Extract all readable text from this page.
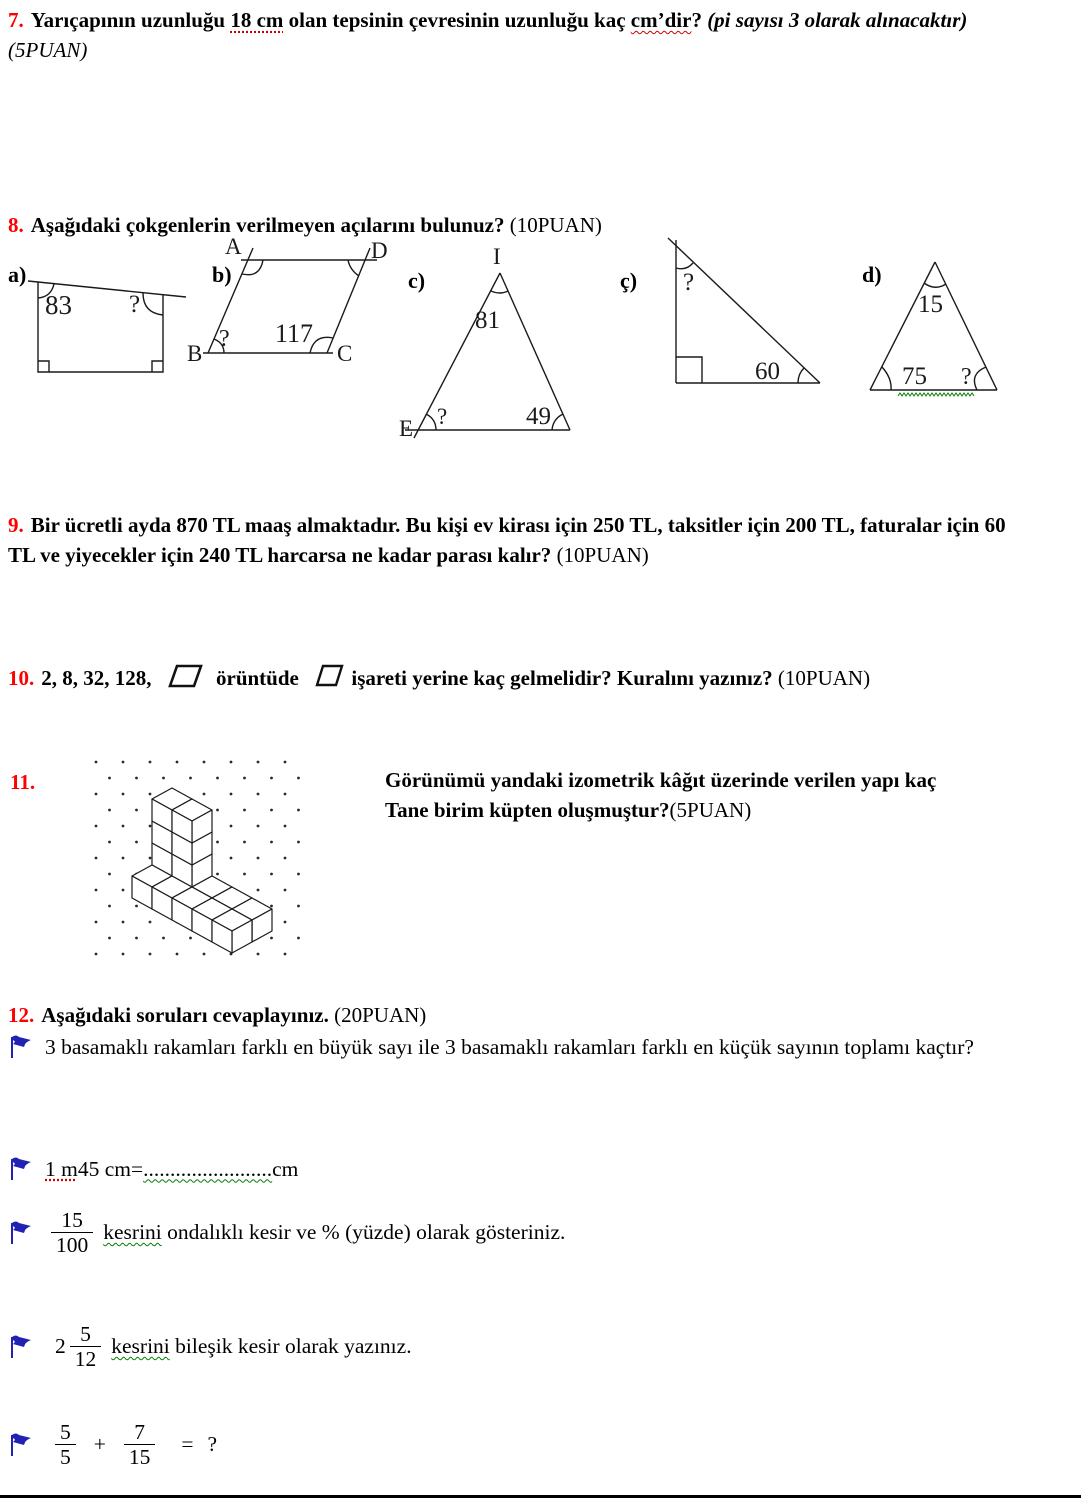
7. Yarıçapının uzunluğu 18 cm olan tepsinin çevresinin uzunluğu kaç cm’dir? (pi sayısı 3 olarak alınacaktır)
(5PUAN)
8. Aşağıdaki çokgenlerin verilmeyen açılarını bulunuz? (10PUAN)
a)
83 ?
b)
A	D
B	C
? 117
c)
I
81
E ?	49
ç) ?
60
d)
15
75 ?
9. Bir ücretli ayda 870 TL maaş almaktadır. Bu kişi ev kirası için 250 TL, taksitler için 200 TL, faturalar için 60
TL ve yiyecekler için 240 TL harcarsa ne kadar parası kalır? (10PUAN)
10. 2, 8, 32, 128,	örüntüde	işareti yerine kaç gelmelidir? Kuralını yazınız? (10PUAN)
11.	Görünümü yandaki izometrik kâğıt üzerinde verilen yapı kaç
Tane birim küpten oluşmuştur?(5PUAN)
12. Aşağıdaki soruları cevaplayınız. (20PUAN)
3 basamaklı rakamları farklı en büyük sayı ile 3 basamaklı rakamları farklı en küçük sayının toplamı kaçtır?
1 m 45 cm= ........................ cm
$\frac{15}{100}$ kesrini ondalıklı kesir ve % (yüzde) olarak gösteriniz.
$2 \frac{5}{12}$ kesrini bileşik kesir olarak yazınız.
$\frac{5}{5} + \frac{7}{15}$ = ?
